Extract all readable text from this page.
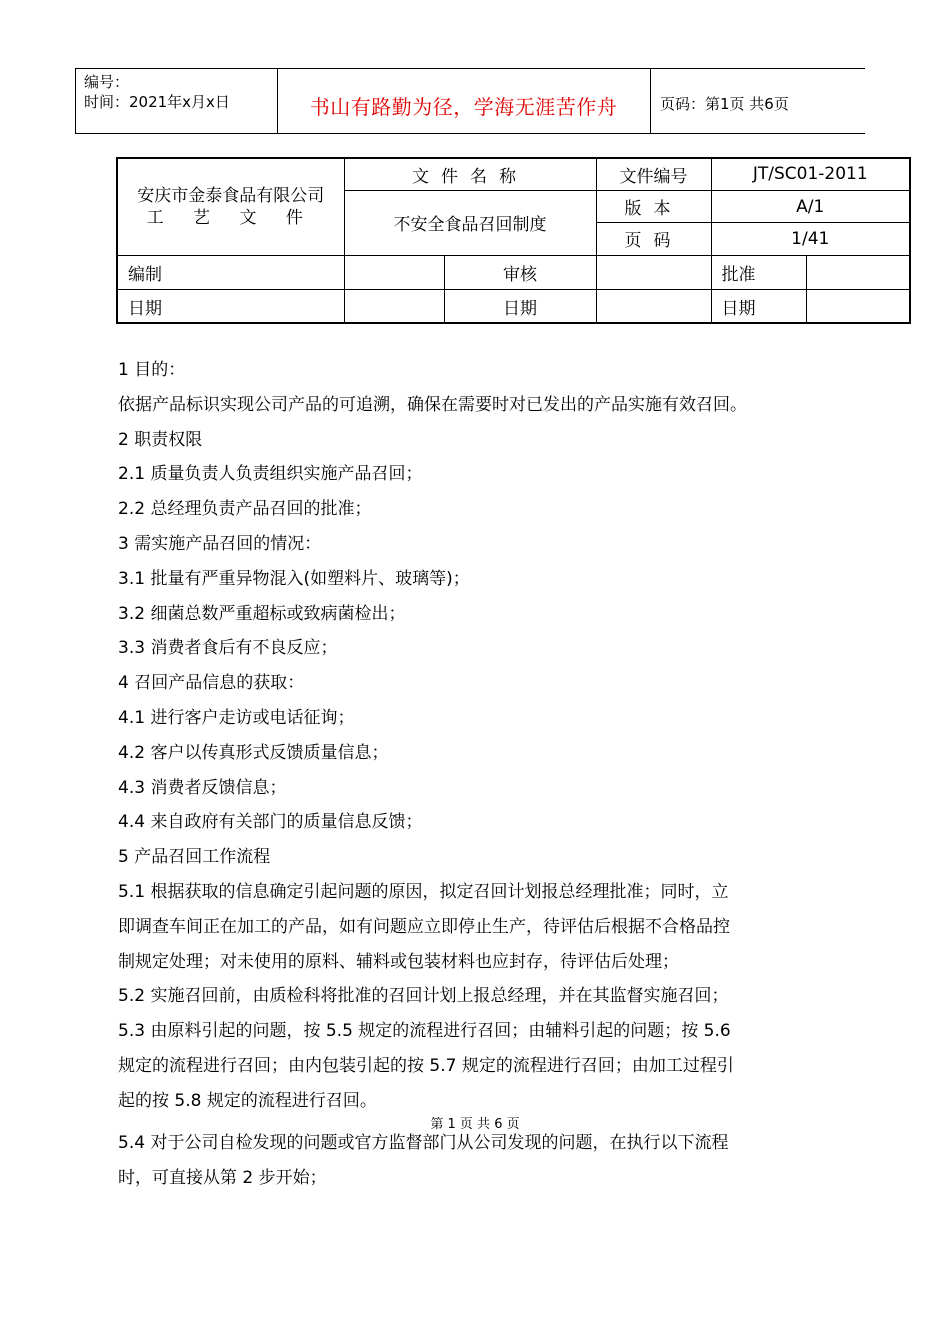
编号：
时间：2021年x月x日	书山有路勤为径，学海无涯苦作舟	页码：第1页 共6页
安庆市金泰食品有限公司
工 艺 文 件	文件名称		文件编号	JT/SC01-2011	
	不安全食品召回制度		版本	A/1	
			页码	1/41	
编制		审核		批准	
日期		日期		日期	

1 目的：

依据产品标识实现公司产品的可追溯，确保在需要时对已发出的产品实施有效召回。

2 职责权限

2.1 质量负责人负责组织实施产品召回；

2.2 总经理负责产品召回的批准；

3 需实施产品召回的情况：

3.1 批量有严重异物混入(如塑料片、玻璃等)；

3.2 细菌总数严重超标或致病菌检出；

3.3 消费者食后有不良反应；

4 召回产品信息的获取：

4.1 进行客户走访或电话征询；

4.2 客户以传真形式反馈质量信息；

4.3 消费者反馈信息；

4.4 来自政府有关部门的质量信息反馈；

5 产品召回工作流程

5.1 根据获取的信息确定引起问题的原因，拟定召回计划报总经理批准；同时，立

即调查车间正在加工的产品，如有问题应立即停止生产，待评估后根据不合格品控

制规定处理；对未使用的原料、辅料或包装材料也应封存，待评估后处理；

5.2 实施召回前，由质检科将批准的召回计划上报总经理，并在其监督实施召回；

5.3 由原料引起的问题，按 5.5 规定的流程进行召回；由辅料引起的问题；按 5.6

规定的流程进行召回；由内包装引起的按 5.7 规定的流程进行召回；由加工过程引

起的按 5.8 规定的流程进行召回。

第 1 页 共 6 页

5.4 对于公司自检发现的问题或官方监督部门从公司发现的问题，在执行以下流程

时，可直接从第 2 步开始；
